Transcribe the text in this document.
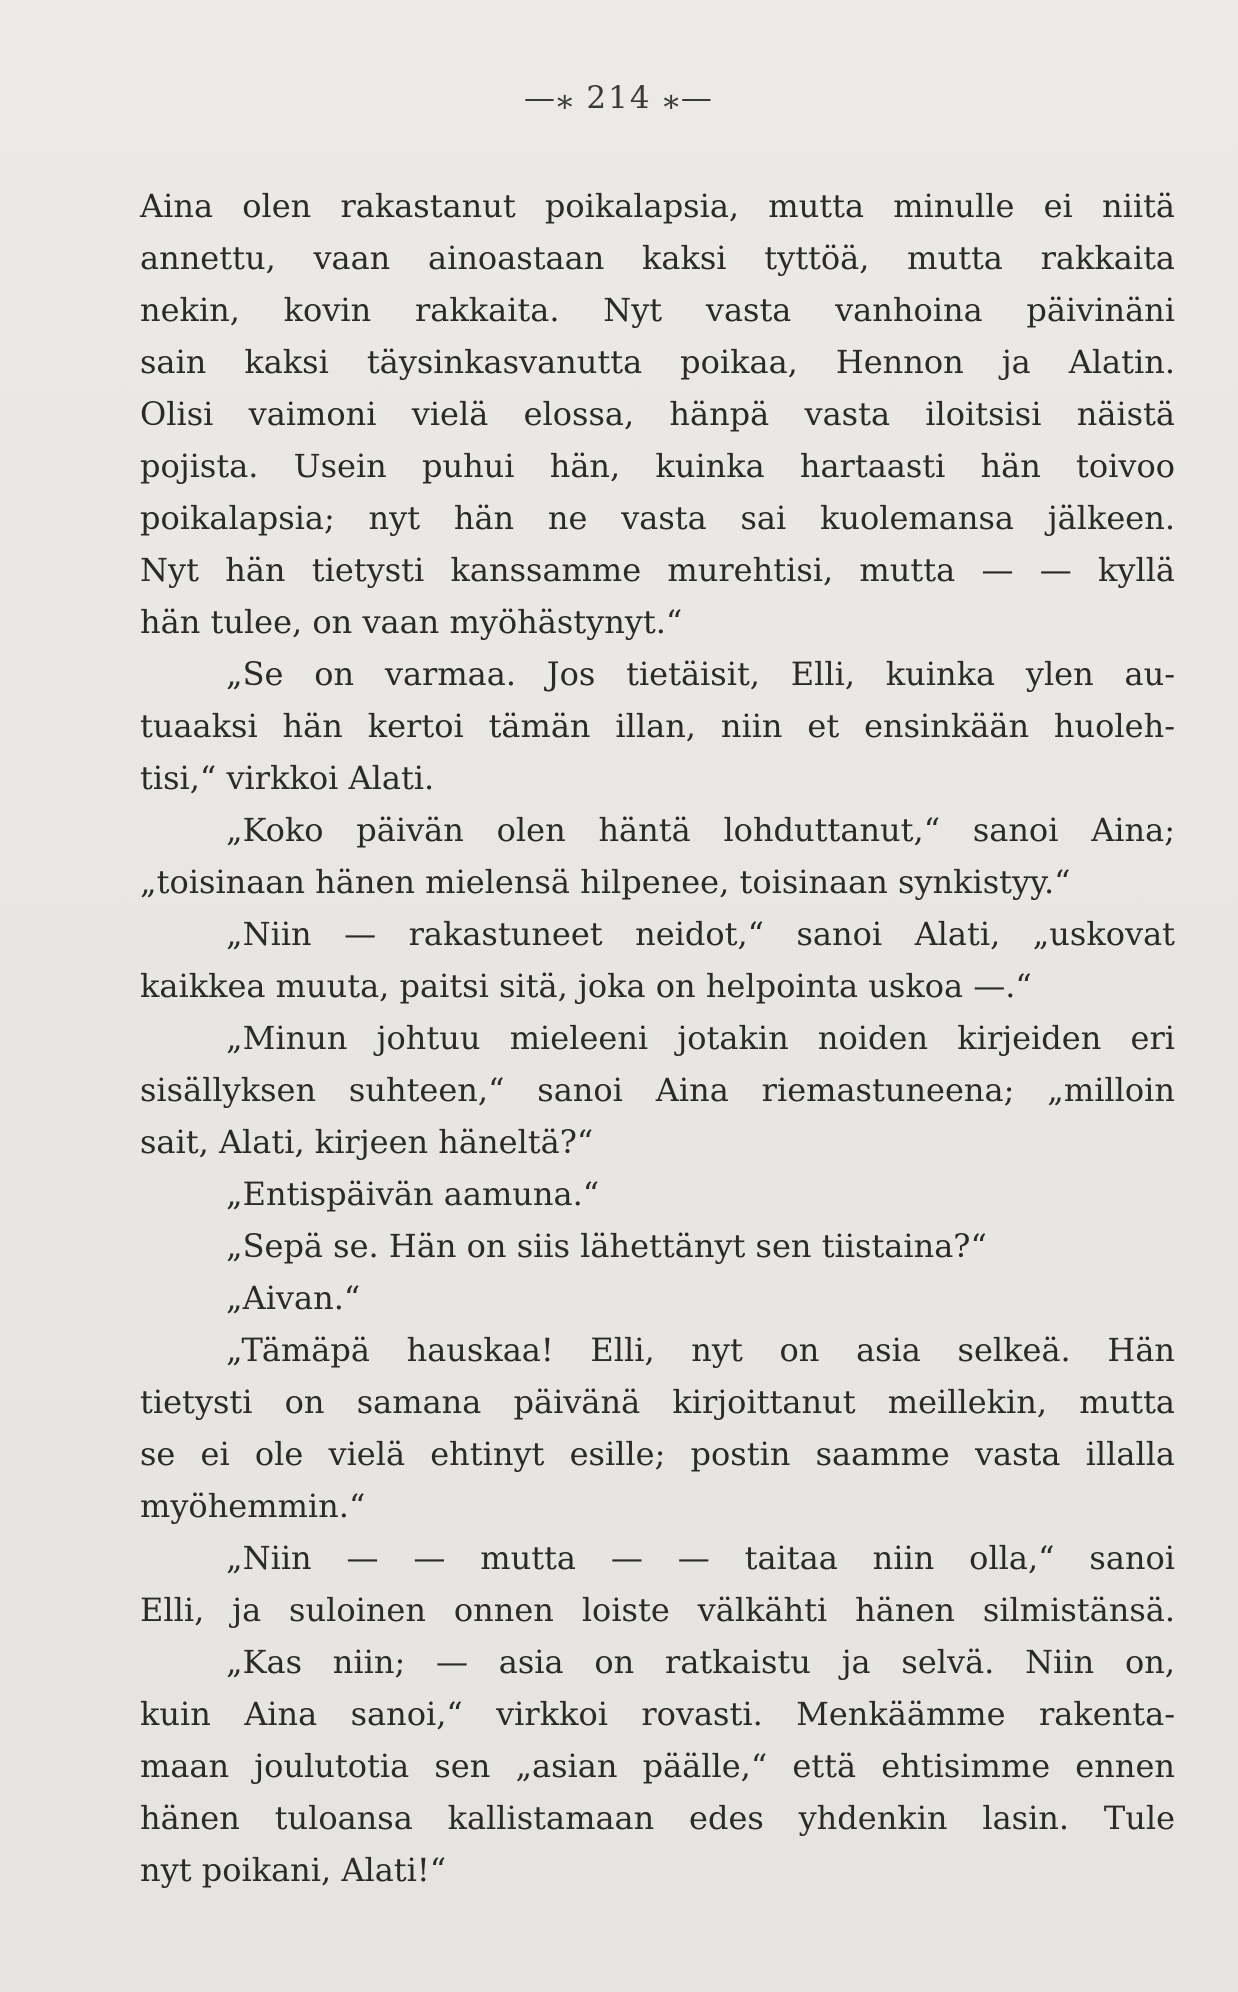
—⁎ 214 ⁎—
Aina olen rakastanut poikalapsia, mutta minulle ei niitä
annettu, vaan ainoastaan kaksi tyttöä, mutta rakkaita
nekin, kovin rakkaita. Nyt vasta vanhoina päivinäni
sain kaksi täysinkasvanutta poikaa, Hennon ja Alatin.
Olisi vaimoni vielä elossa, hänpä vasta iloitsisi näistä
pojista. Usein puhui hän, kuinka hartaasti hän toivoo
poikalapsia; nyt hän ne vasta sai kuolemansa jälkeen.
Nyt hän tietysti kanssamme murehtisi, mutta — — kyllä
hän tulee, on vaan myöhästynyt.“
„Se on varmaa. Jos tietäisit, Elli, kuinka ylen au-
tuaaksi hän kertoi tämän illan, niin et ensinkään huoleh-
tisi,“ virkkoi Alati.
„Koko päivän olen häntä lohduttanut,“ sanoi Aina;
„toisinaan hänen mielensä hilpenee, toisinaan synkistyy.“
„Niin — rakastuneet neidot,“ sanoi Alati, „uskovat
kaikkea muuta, paitsi sitä, joka on helpointa uskoa —.“
„Minun johtuu mieleeni jotakin noiden kirjeiden eri
sisällyksen suhteen,“ sanoi Aina riemastuneena; „milloin
sait, Alati, kirjeen häneltä?“
„Entispäivän aamuna.“
„Sepä se. Hän on siis lähettänyt sen tiistaina?“
„Aivan.“
„Tämäpä hauskaa! Elli, nyt on asia selkeä. Hän
tietysti on samana päivänä kirjoittanut meillekin, mutta
se ei ole vielä ehtinyt esille; postin saamme vasta illalla
myöhemmin.“
„Niin — — mutta — — taitaa niin olla,“ sanoi
Elli, ja suloinen onnen loiste välkähti hänen silmistänsä.
„Kas niin; — asia on ratkaistu ja selvä. Niin on,
kuin Aina sanoi,“ virkkoi rovasti. Menkäämme rakenta-
maan joulutotia sen „asian päälle,“ että ehtisimme ennen
hänen tuloansa kallistamaan edes yhdenkin lasin. Tule
nyt poikani, Alati!“
